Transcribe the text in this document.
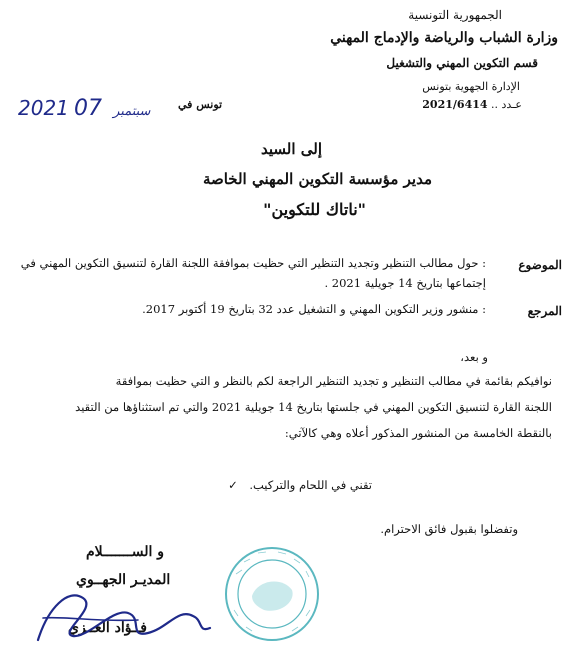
الجمهورية التونسية
وزارة الشباب والرياضة والإدماج المهني
قسم التكوين المهني والتشغيل
الإدارة الجهوية بتونس
عـدد .. 2021/6414
تونس في
2021	سبتمبر 07
إلى السيد
مدير مؤسسة التكوين المهني الخاصة
"ناتاك للتكوين"
الموضوع
: حول مطالب التنظير وتجديد التنظير التي حظيت بموافقة اللجنة القارة لتنسيق التكوين المهني في
إجتماعها بتاريخ 14 جويلية 2021 .
المرجع
: منشور وزير التكوين المهني و التشغيل عدد 32 بتاريخ 19 أكتوبر 2017.
و بعد،
نوافيكم بقائمة في مطالب التنظير و تجديد التنظير الراجعة لكم بالنظر و التي حظيت بموافقة
اللجنة القارة لتنسيق التكوين المهني في جلستها بتاريخ 14 جويلية 2021 والتي تم استثناؤها من التقيد
بالنقطة الخامسة من المنشور المذكور أعلاه وهي كالآتي:
تقني في اللحام والتركيب. ✓
وتفضلوا بقبول فائق الاحترام.
و الســـــــلام
المديـر الجهــوي
فــؤاد العــزي
